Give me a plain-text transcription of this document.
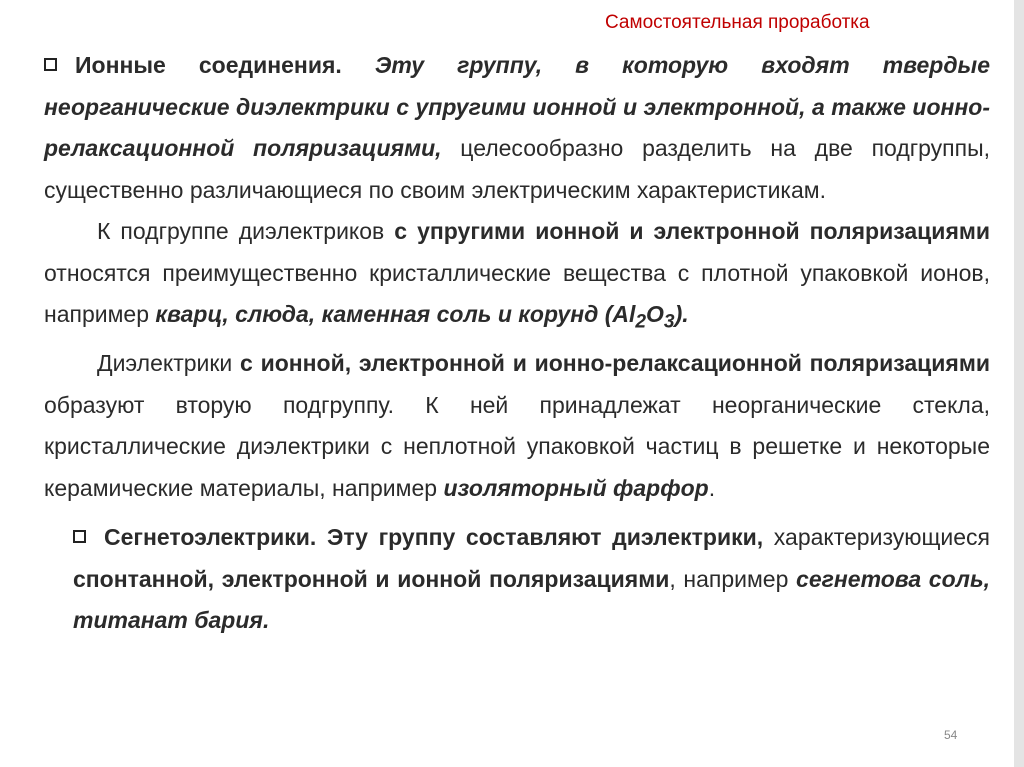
Самостоятельная проработка

Ионные соединения. Эту группу, в которую входят твердые неорганические диэлектрики с упругими ионной и электронной, а также ионно-релаксационной поляризациями, целесообразно разделить на две подгруппы, существенно различающиеся по своим электрическим характеристикам.

К подгруппе диэлектриков с упругими ионной и электронной поляризациями относятся преимущественно кристаллические вещества с плотной упаковкой ионов, например кварц, слюда, каменная соль и корунд $(Al_2O_3)$.

Диэлектрики с ионной, электронной и ионно-релаксационной поляризациями образуют вторую подгруппу. К ней принадлежат неорганические стекла, кристаллические диэлектрики с неплотной упаковкой частиц в решетке и некоторые керамические материалы, например изоляторный фарфор.

Сегнетоэлектрики. Эту группу составляют диэлектрики, характеризующиеся спонтанной, электронной и ионной поляризациями, например сегнетова соль, титанат бария.

54
